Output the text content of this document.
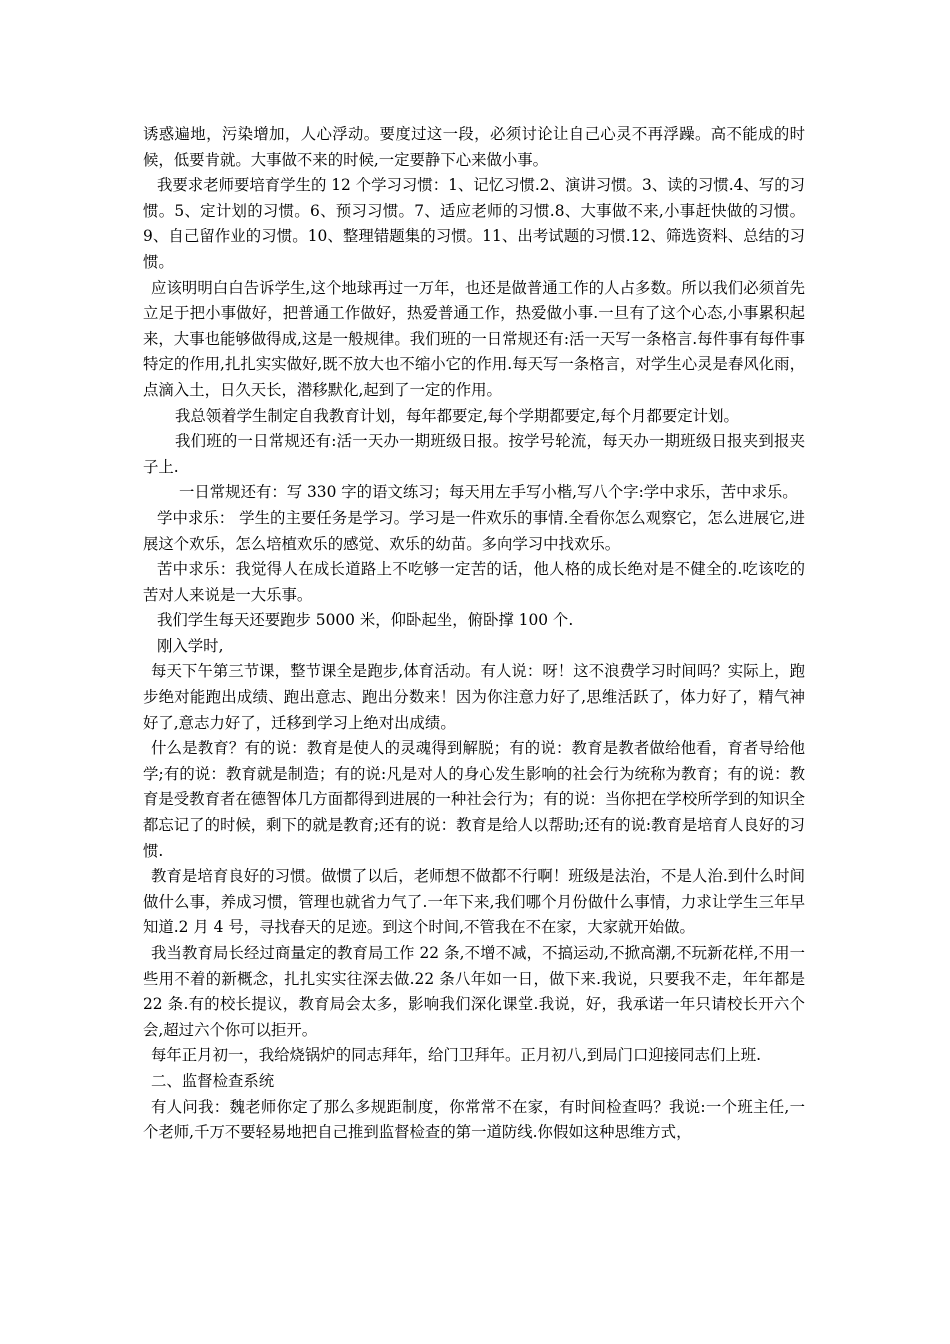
诱惑遍地，污染增加，人心浮动。要度过这一段，必须讨论让自己心灵不再浮躁。高不能成的时候，低要肯就。大事做不来的时候,一定要静下心来做小事。

我要求老师要培育学生的 12 个学习习惯：1、记忆习惯.2、演讲习惯。3、读的习惯.4、写的习惯。5、定计划的习惯。6、预习习惯。7、适应老师的习惯.8、大事做不来,小事赶快做的习惯。9、自己留作业的习惯。10、整理错题集的习惯。11、出考试题的习惯.12、筛选资料、总结的习惯。

应该明明白白告诉学生,这个地球再过一万年，也还是做普通工作的人占多数。所以我们必须首先立足于把小事做好，把普通工作做好，热爱普通工作，热爱做小事.一旦有了这个心态,小事累积起来，大事也能够做得成,这是一般规律。我们班的一日常规还有:活一天写一条格言.每件事有每件事特定的作用,扎扎实实做好,既不放大也不缩小它的作用.每天写一条格言，对学生心灵是春风化雨，点滴入土，日久天长，潜移默化,起到了一定的作用。

我总领着学生制定自我教育计划，每年都要定,每个学期都要定,每个月都要定计划。

我们班的一日常规还有:活一天办一期班级日报。按学号轮流，每天办一期班级日报夹到报夹子上.

一日常规还有：写 330 字的语文练习；每天用左手写小楷,写八个字:学中求乐，苦中求乐。

学中求乐： 学生的主要任务是学习。学习是一件欢乐的事情.全看你怎么观察它，怎么进展它,进展这个欢乐，怎么培植欢乐的感觉、欢乐的幼苗。多向学习中找欢乐。

苦中求乐：我觉得人在成长道路上不吃够一定苦的话，他人格的成长绝对是不健全的.吃该吃的苦对人来说是一大乐事。

我们学生每天还要跑步 5000 米，仰卧起坐，俯卧撑 100 个.

刚入学时,

每天下午第三节课，整节课全是跑步,体育活动。有人说：呀！这不浪费学习时间吗？实际上，跑步绝对能跑出成绩、跑出意志、跑出分数来！因为你注意力好了,思维活跃了，体力好了，精气神好了,意志力好了，迁移到学习上绝对出成绩。

什么是教育？有的说：教育是使人的灵魂得到解脱；有的说：教育是教者做给他看，育者导给他学;有的说：教育就是制造；有的说:凡是对人的身心发生影响的社会行为统称为教育；有的说：教育是受教育者在德智体几方面都得到进展的一种社会行为；有的说：当你把在学校所学到的知识全都忘记了的时候，剩下的就是教育;还有的说：教育是给人以帮助;还有的说:教育是培育人良好的习惯.

教育是培育良好的习惯。做惯了以后，老师想不做都不行啊！班级是法治，不是人治.到什么时间做什么事，养成习惯，管理也就省力气了.一年下来,我们哪个月份做什么事情，力求让学生三年早知道.2 月 4 号，寻找春天的足迹。到这个时间,不管我在不在家，大家就开始做。

我当教育局长经过商量定的教育局工作 22 条,不增不减，不搞运动,不掀高潮,不玩新花样,不用一些用不着的新概念，扎扎实实往深去做.22 条八年如一日，做下来.我说，只要我不走，年年都是 22 条.有的校长提议，教育局会太多，影响我们深化课堂.我说，好，我承诺一年只请校长开六个会,超过六个你可以拒开。

每年正月初一，我给烧锅炉的同志拜年，给门卫拜年。正月初八,到局门口迎接同志们上班.

二、监督检查系统

有人问我：魏老师你定了那么多规距制度，你常常不在家，有时间检查吗？我说:一个班主任,一个老师,千万不要轻易地把自己推到监督检查的第一道防线.你假如这种思维方式，
